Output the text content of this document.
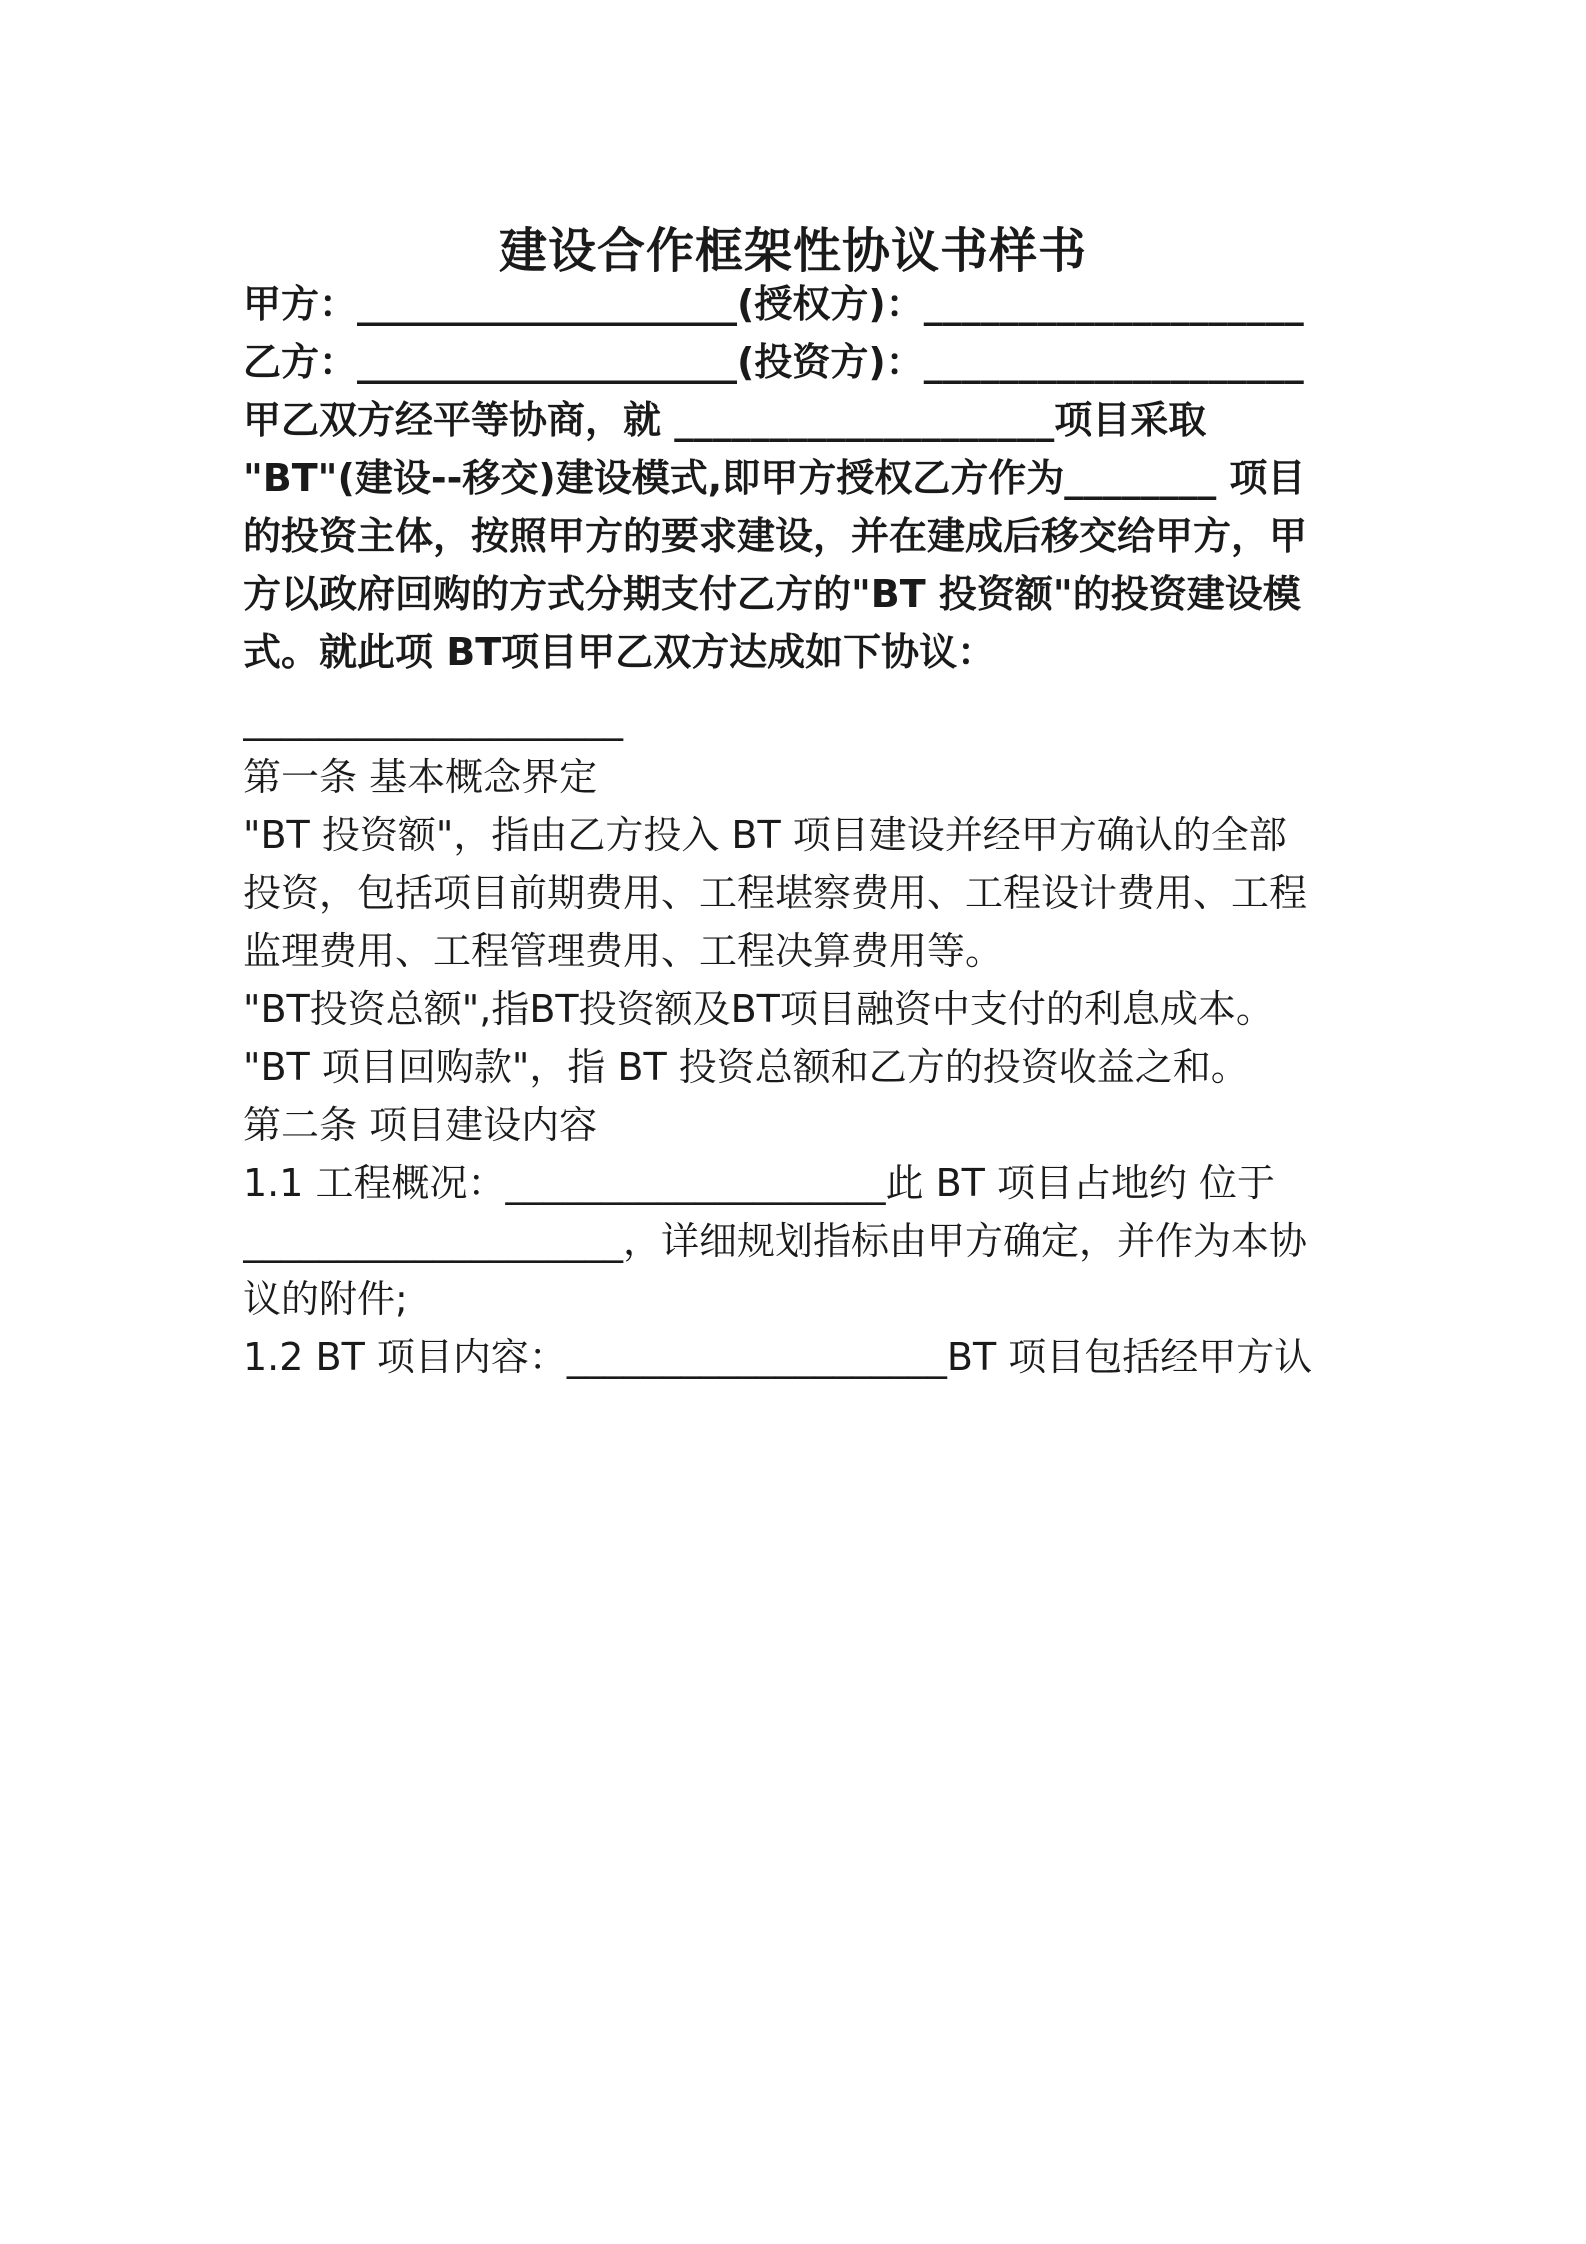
建设合作框架性协议书样书
甲方：____________________(授权方)：____________________
乙方：____________________(投资方)：____________________
甲乙双方经平等协商，就 ____________________项目采取
"BT"(建设--移交)建设模式,即甲方授权乙方作为________ 项目
的投资主体，按照甲方的要求建设，并在建成后移交给甲方，甲
方以政府回购的方式分期支付乙方的"BT 投资额"的投资建设模
式。就此项 BT项目甲乙双方达成如下协议：
____________________
第一条 基本概念界定
"BT 投资额"，指由乙方投入 BT 项目建设并经甲方确认的全部
投资，包括项目前期费用、工程堪察费用、工程设计费用、工程
监理费用、工程管理费用、工程决算费用等。
"BT投资总额",指BT投资额及BT项目融资中支付的利息成本。
"BT 项目回购款"，指 BT 投资总额和乙方的投资收益之和。
第二条 项目建设内容
1.1 工程概况：____________________此 BT 项目占地约 位于
____________________，详细规划指标由甲方确定，并作为本协
议的附件;
1.2 BT 项目内容：____________________BT 项目包括经甲方认
